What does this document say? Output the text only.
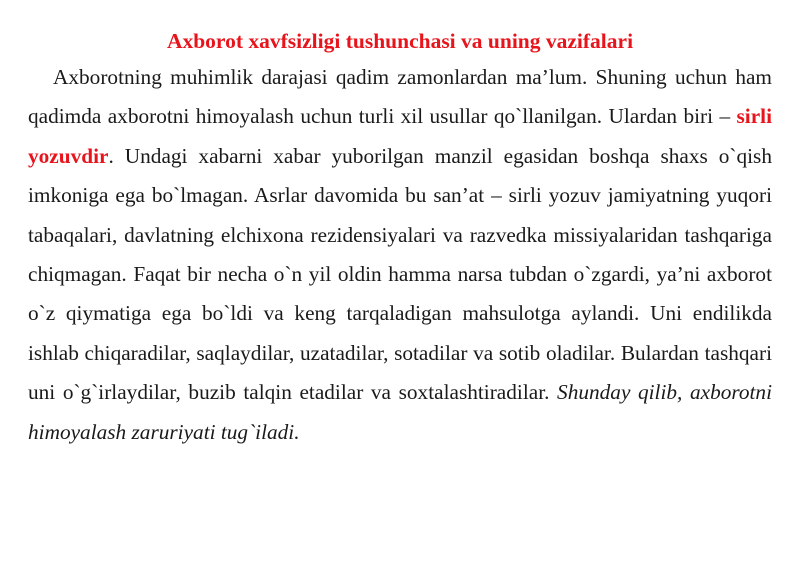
Axborot xavfsizligi tushunchasi va uning vazifalari

Axborotning muhimlik darajasi qadim zamonlardan ma’lum. Shuning uchun ham qadimda axborotni himoyalash uchun turli xil usullar qo`llanilgan. Ulardan biri – sirli yozuvdir. Undagi xabarni xabar yuborilgan manzil egasidan boshqa shaxs o`qish imkoniga ega bo`lmagan. Asrlar davomida bu san’at – sirli yozuv jamiyatning yuqori tabaqalari, davlatning elchixona rezidensiyalari va razvedka missiyalaridan tashqariga chiqmagan. Faqat bir necha o`n yil oldin hamma narsa tubdan o`zgardi, ya’ni axborot o`z qiymatiga ega bo`ldi va keng tarqaladigan mahsulotga aylandi. Uni endilikda ishlab chiqaradilar, saqlaydilar, uzatadilar, sotadilar va sotib oladilar. Bulardan tashqari uni o`g`irlaydilar, buzib talqin etadilar va soxtalashtiradilar. Shunday qilib, axborotni himoyalash zaruriyati tug`iladi.
